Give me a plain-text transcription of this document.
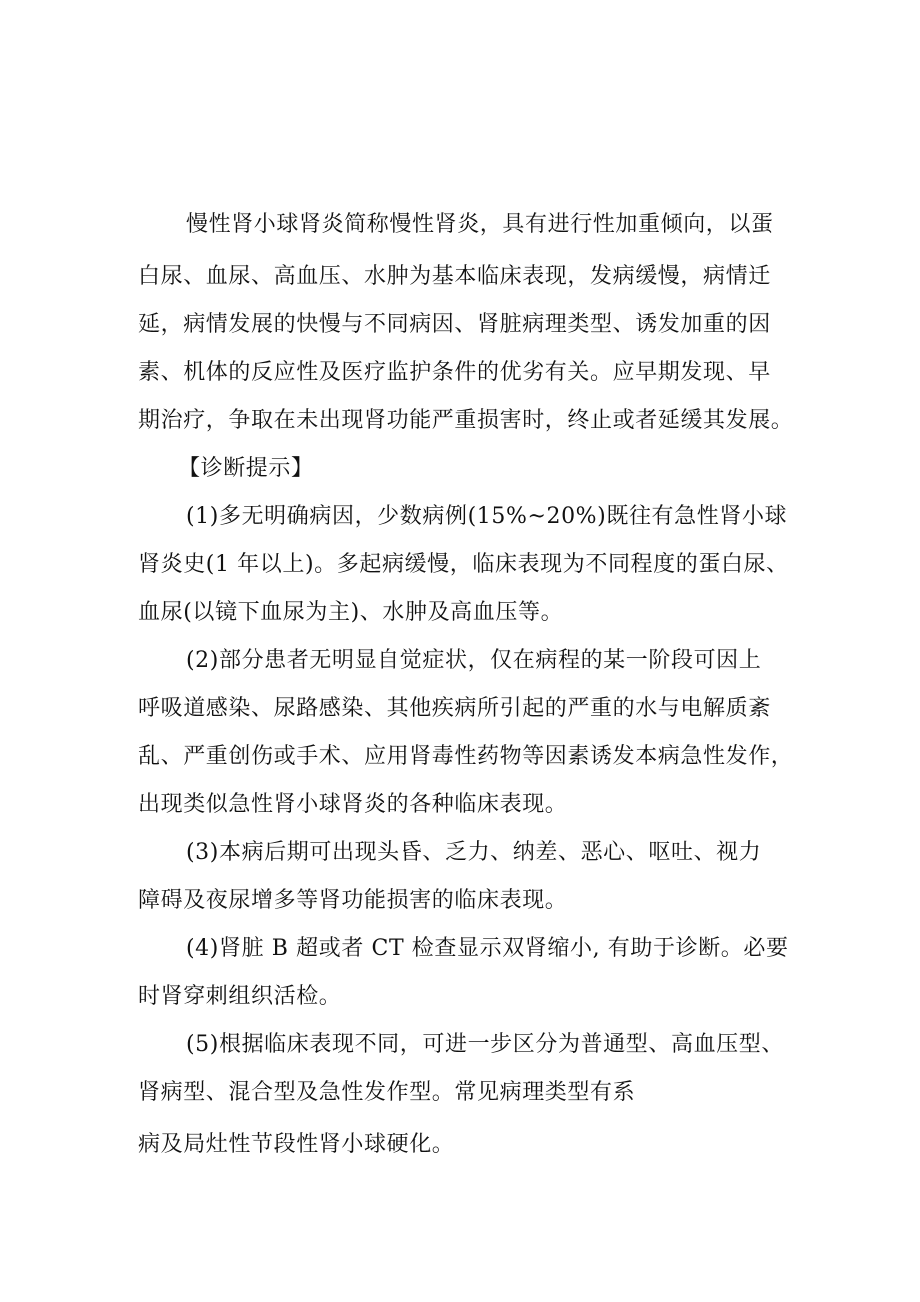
慢性肾小球肾炎简称慢性肾炎，具有进行性加重倾向，以蛋
白尿、血尿、高血压、水肿为基本临床表现，发病缓慢，病情迁
延，病情发展的快慢与不同病因、肾脏病理类型、诱发加重的因
素、机体的反应性及医疗监护条件的优劣有关。应早期发现、早
期治疗，争取在未出现肾功能严重损害时，终止或者延缓其发展。
【诊断提示】
(1)多无明确病因，少数病例(15%~20%)既往有急性肾小球
肾炎史(1 年以上)。多起病缓慢，临床表现为不同程度的蛋白尿、
血尿(以镜下血尿为主)、水肿及高血压等。
(2)部分患者无明显自觉症状，仅在病程的某一阶段可因上
呼吸道感染、尿路感染、其他疾病所引起的严重的水与电解质紊
乱、严重创伤或手术、应用肾毒性药物等因素诱发本病急性发作，
出现类似急性肾小球肾炎的各种临床表现。
(3)本病后期可出现头昏、乏力、纳差、恶心、呕吐、视力
障碍及夜尿增多等肾功能损害的临床表现。
(4)肾脏 B 超或者 CT 检查显示双肾缩小, 有助于诊断。必要
时肾穿刺组织活检。
(5)根据临床表现不同，可进一步区分为普通型、高血压型、
肾病型、混合型及急性发作型。常见病理类型有系
病及局灶性节段性肾小球硬化。
